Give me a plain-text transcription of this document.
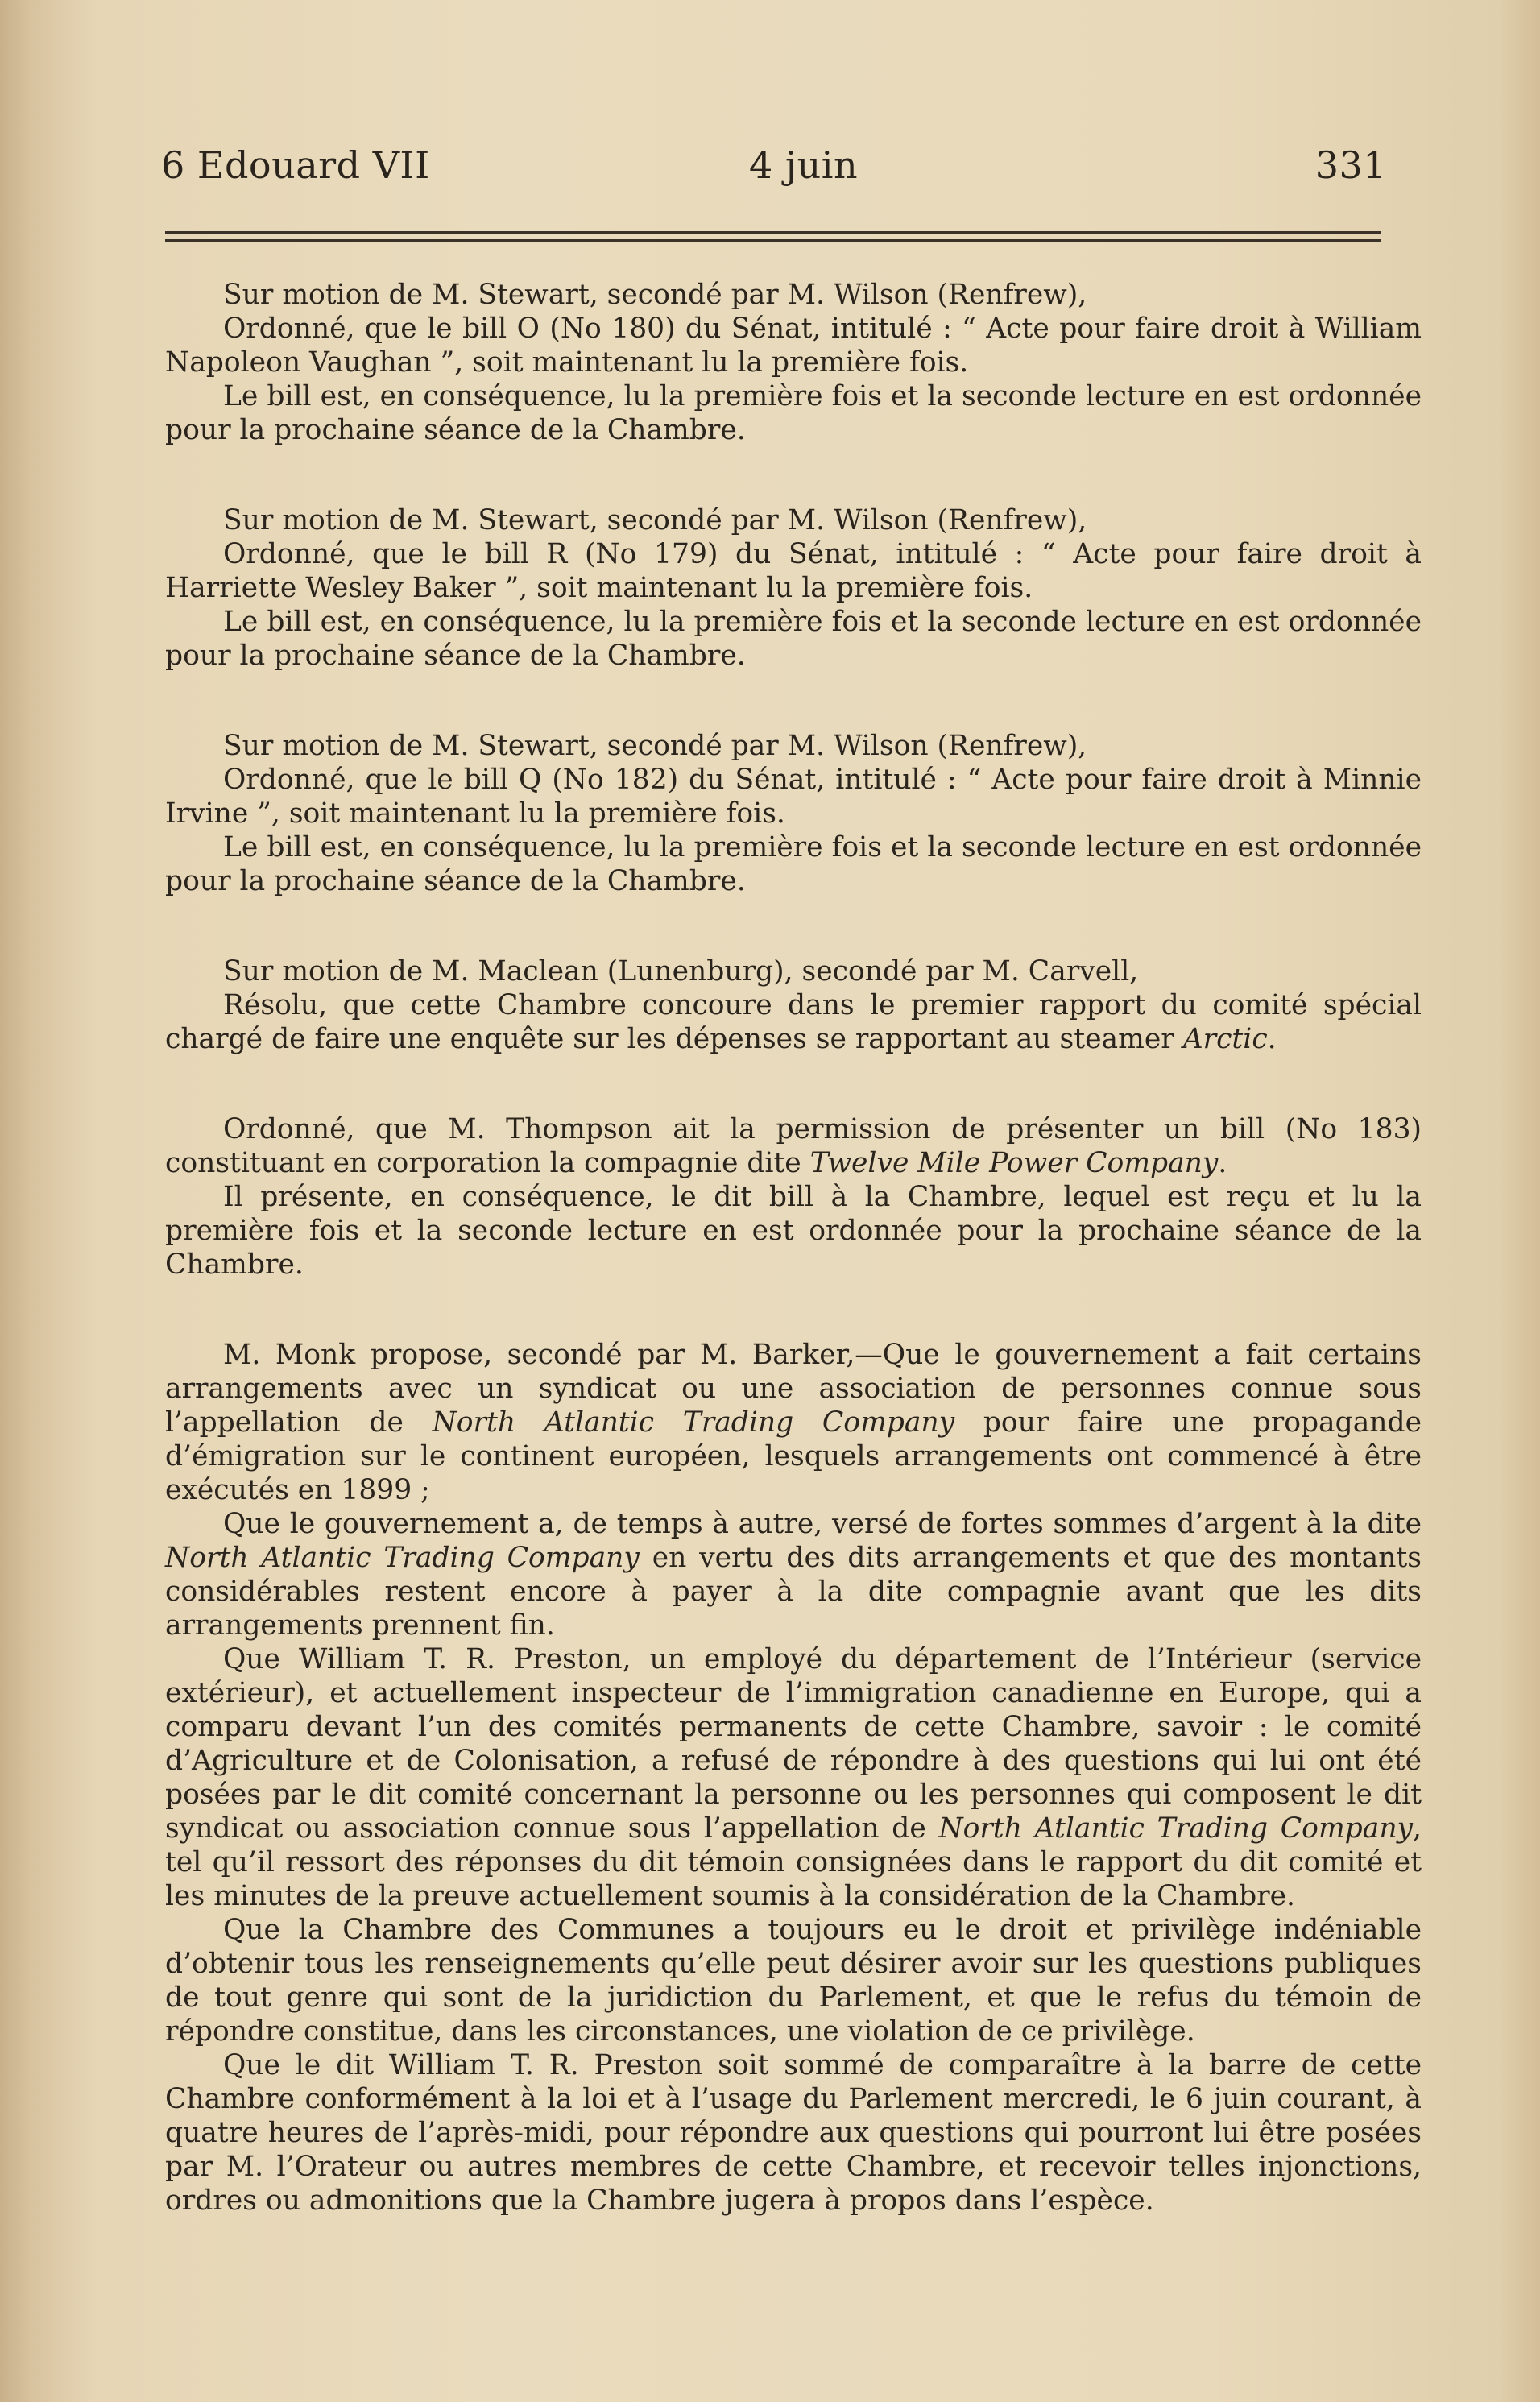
6 Edouard VII	4 juin	331

Sur motion de M. Stewart, secondé par M. Wilson (Renfrew),

Ordonné, que le bill O (No 180) du Sénat, intitulé : “ Acte pour faire droit à William Napoleon Vaughan ”, soit maintenant lu la première fois.

Le bill est, en conséquence, lu la première fois et la seconde lecture en est ordonnée pour la prochaine séance de la Chambre.

Sur motion de M. Stewart, secondé par M. Wilson (Renfrew),

Ordonné, que le bill R (No 179) du Sénat, intitulé : “ Acte pour faire droit à Harriette Wesley Baker ”, soit maintenant lu la première fois.

Le bill est, en conséquence, lu la première fois et la seconde lecture en est ordonnée pour la prochaine séance de la Chambre.

Sur motion de M. Stewart, secondé par M. Wilson (Renfrew),

Ordonné, que le bill Q (No 182) du Sénat, intitulé : “ Acte pour faire droit à Minnie Irvine ”, soit maintenant lu la première fois.

Le bill est, en conséquence, lu la première fois et la seconde lecture en est ordonnée pour la prochaine séance de la Chambre.

Sur motion de M. Maclean (Lunenburg), secondé par M. Carvell,

Résolu, que cette Chambre concoure dans le premier rapport du comité spécial chargé de faire une enquête sur les dépenses se rapportant au steamer Arctic.

Ordonné, que M. Thompson ait la permission de présenter un bill (No 183) constituant en corporation la compagnie dite Twelve Mile Power Company.

Il présente, en conséquence, le dit bill à la Chambre, lequel est reçu et lu la première fois et la seconde lecture en est ordonnée pour la prochaine séance de la Chambre.

M. Monk propose, secondé par M. Barker,—Que le gouvernement a fait certains arrangements avec un syndicat ou une association de personnes connue sous l’appellation de North Atlantic Trading Company pour faire une propagande d’émigration sur le continent européen, lesquels arrangements ont commencé à être exécutés en 1899 ;

Que le gouvernement a, de temps à autre, versé de fortes sommes d’argent à la dite North Atlantic Trading Company en vertu des dits arrangements et que des montants considérables restent encore à payer à la dite compagnie avant que les dits arrangements prennent fin.

Que William T. R. Preston, un employé du département de l’Intérieur (service extérieur), et actuellement inspecteur de l’immigration canadienne en Europe, qui a comparu devant l’un des comités permanents de cette Chambre, savoir : le comité d’Agriculture et de Colonisation, a refusé de répondre à des questions qui lui ont été posées par le dit comité concernant la personne ou les personnes qui composent le dit syndicat ou association connue sous l’appellation de North Atlantic Trading Company, tel qu’il ressort des réponses du dit témoin consignées dans le rapport du dit comité et les minutes de la preuve actuellement soumis à la considération de la Chambre.

Que la Chambre des Communes a toujours eu le droit et privilège indéniable d’obtenir tous les renseignements qu’elle peut désirer avoir sur les questions publiques de tout genre qui sont de la juridiction du Parlement, et que le refus du témoin de répondre constitue, dans les circonstances, une violation de ce privilège.

Que le dit William T. R. Preston soit sommé de comparaître à la barre de cette Chambre conformément à la loi et à l’usage du Parlement mercredi, le 6 juin courant, à quatre heures de l’après-midi, pour répondre aux questions qui pourront lui être posées par M. l’Orateur ou autres membres de cette Chambre, et recevoir telles injonctions, ordres ou admonitions que la Chambre jugera à propos dans l’espèce.
